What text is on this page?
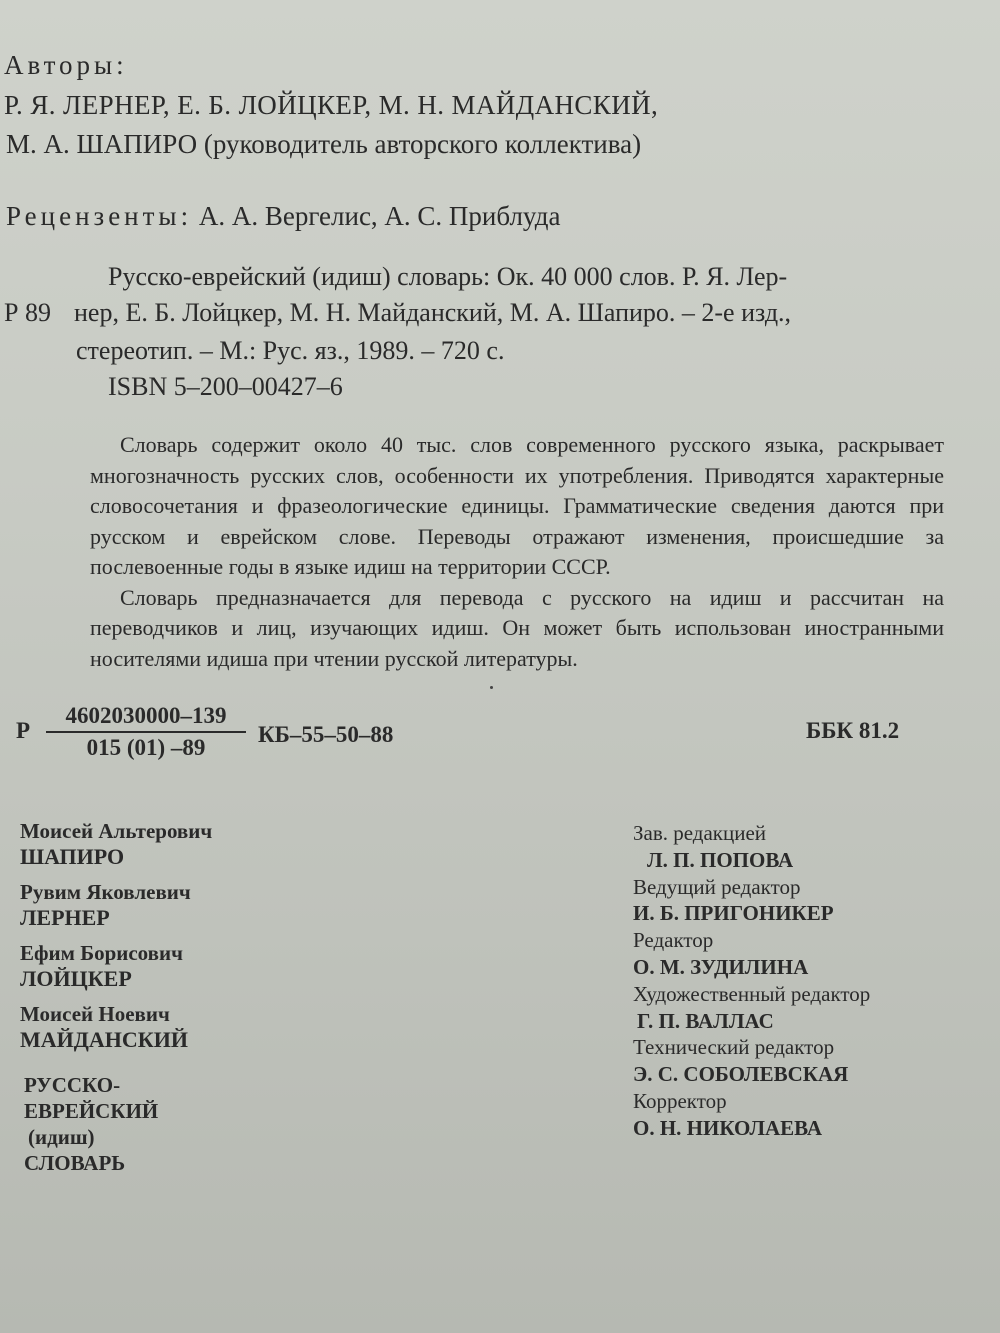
Авторы:
Р. Я. ЛЕРНЕР, Е. Б. ЛОЙЦКЕР, М. Н. МАЙДАНСКИЙ,
М. А. ШАПИРО (руководитель авторского коллектива)
Рецензенты: А. А. Вергелис, А. С. Приблуда
Русско-еврейский (идиш) словарь: Ок. 40 000 слов. Р. Я. Лер-
Р 89 нер, Е. Б. Лойцкер, М. Н. Майданский, М. А. Шапиро. – 2-е изд.,
стереотип. – М.: Рус. яз., 1989. – 720 с.
ISBN 5–200–00427–6

Словарь содержит около 40 тыс. слов современного русского языка, раскрывает многозначность русских слов, особенности их употребления. Приводятся характерные словосочетания и фразеологические единицы. Грамматические сведения даются при русском и еврейском слове. Переводы отражают изменения, происшедшие за послевоенные годы в языке идиш на территории СССР.

Словарь предназначается для перевода с русского на идиш и рассчитан на переводчиков и лиц, изучающих идиш. Он может быть использован иностранными носителями идиша при чтении русской литературы.

Р $\frac{4602030000-139}{015 (01) -89} КБ-55-50-88$	ББК 81.2
Моисей Альтерович
ШАПИРО
Рувим Яковлевич
ЛЕРНЕР
Ефим Борисович
ЛОЙЦКЕР
Моисей Ноевич
МАЙДАНСКИЙ
РУССКО-
ЕВРЕЙСКИЙ
(идиш)
СЛОВАРЬ
Зав. редакцией
Л. П. ПОПОВА
Ведущий редактор
И. Б. ПРИГОНИКЕР
Редактор
О. М. ЗУДИЛИНА
Художественный редактор
Г. П. ВАЛЛАС
Технический редактор
Э. С. СОБОЛЕВСКАЯ
Корректор
О. Н. НИКОЛАЕВА
